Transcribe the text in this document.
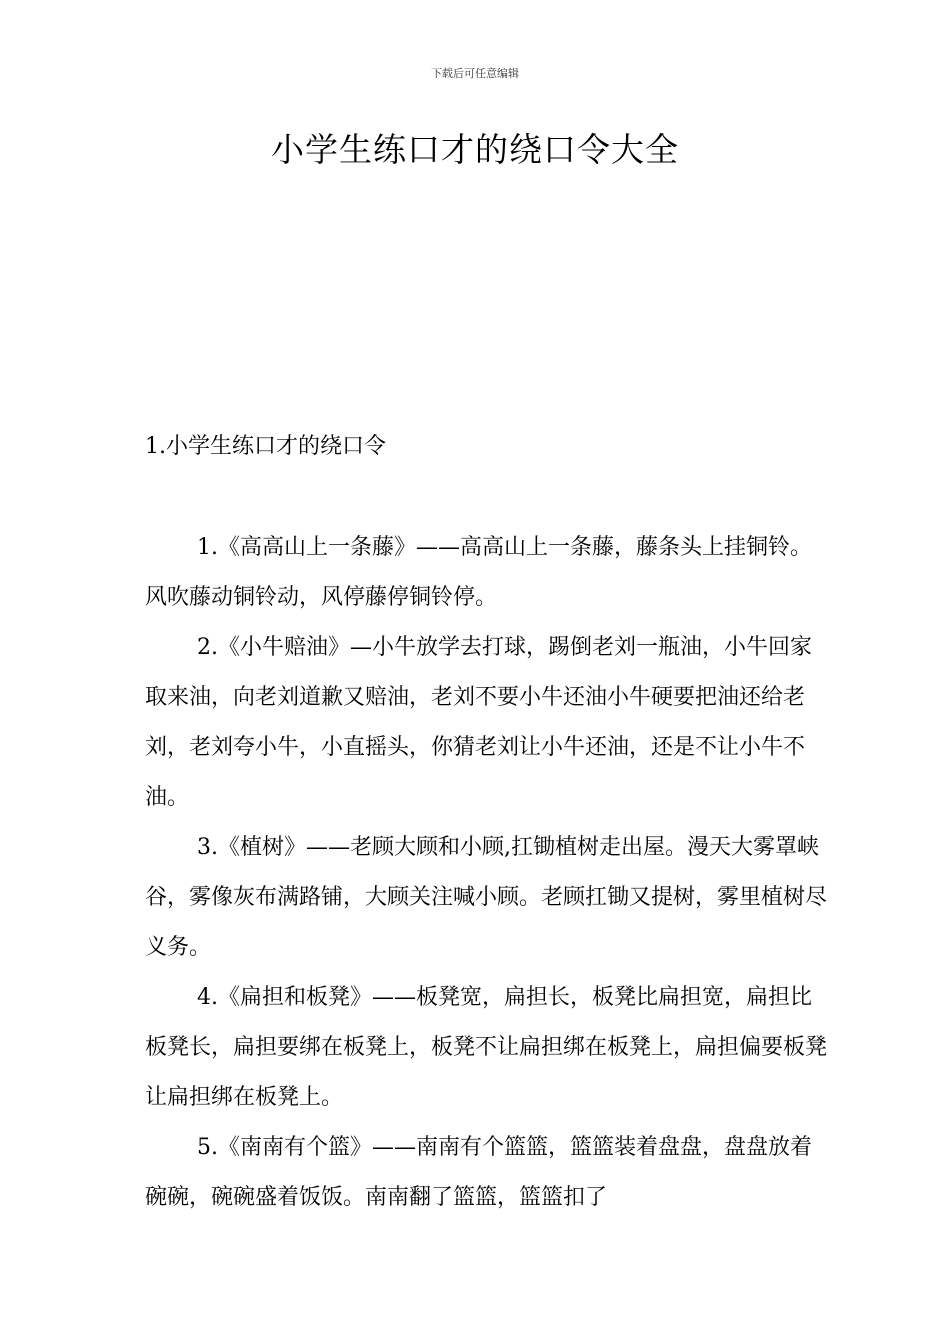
下载后可任意编辑
小学生练口才的绕口令大全
1.小学生练口才的绕口令

1.《高高山上一条藤》——高高山上一条藤，藤条头上挂铜铃。风吹藤动铜铃动，风停藤停铜铃停。

2.《小牛赔油》—小牛放学去打球，踢倒老刘一瓶油，小牛回家取来油，向老刘道歉又赔油，老刘不要小牛还油小牛硬要把油还给老刘，老刘夸小牛，小直摇头，你猜老刘让小牛还油，还是不让小牛不油。

3.《植树》——老顾大顾和小顾,扛锄植树走出屋。漫天大雾罩峡谷，雾像灰布满路铺，大顾关注喊小顾。老顾扛锄又提树，雾里植树尽义务。

4.《扁担和板凳》——板凳宽，扁担长，板凳比扁担宽，扁担比板凳长，扁担要绑在板凳上，板凳不让扁担绑在板凳上，扁担偏要板凳让扁担绑在板凳上。

5.《南南有个篮》——南南有个篮篮，篮篮装着盘盘，盘盘放着碗碗，碗碗盛着饭饭。南南翻了篮篮，篮篮扣了
